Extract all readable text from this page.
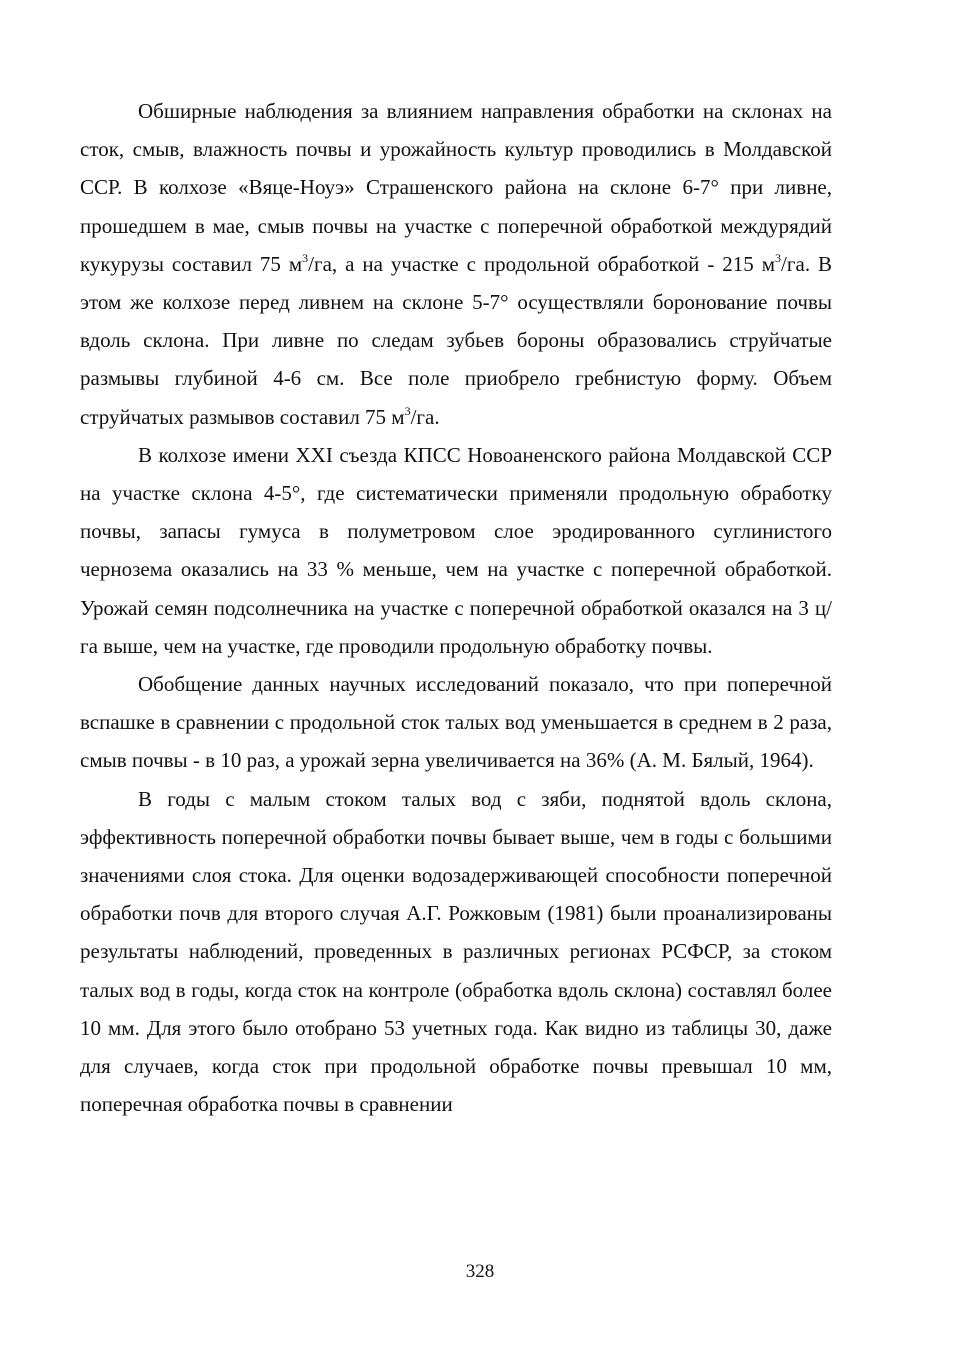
Обширные наблюдения за влиянием направления обработки на склонах на сток, смыв, влажность почвы и урожайность культур проводились в Молдавской ССР. В колхозе «Вяце-Ноуэ» Страшенского района на склоне 6-7° при ливне, прошедшем в мае, смыв почвы на участке с поперечной обработкой междурядий кукурузы составил 75 $м^3/га$, а на участке с продольной обработкой - 215 $м^3/га$. В этом же колхозе перед ливнем на склоне 5-7° осуществляли боронование почвы вдоль склона. При ливне по следам зубьев бороны образовались струйчатые размывы глубиной 4-6 см. Все поле приобрело гребнистую форму. Объем струйчатых размывов составил 75 $м^3/га$.

В колхозе имени XXI съезда КПСС Новоаненского района Молдавской ССР на участке склона 4-5°, где систематически применяли продольную обработку почвы, запасы гумуса в полуметровом слое эродированного суглинистого чернозема оказались на 33 % меньше, чем на участке с поперечной обработкой. Урожай семян подсолнечника на участке с поперечной обработкой оказался на 3 ц/га выше, чем на участке, где проводили продольную обработку почвы.

Обобщение данных научных исследований показало, что при поперечной вспашке в сравнении с продольной сток талых вод уменьшается в среднем в 2 раза, смыв почвы - в 10 раз, а урожай зерна увеличивается на 36% (А. М. Бялый, 1964).

В годы с малым стоком талых вод с зяби, поднятой вдоль склона, эффективность поперечной обработки почвы бывает выше, чем в годы с большими значениями слоя стока. Для оценки водозадерживающей способности поперечной обработки почв для второго случая А.Г. Рожковым (1981) были проанализированы результаты наблюдений, проведенных в различных регионах РСФСР, за стоком талых вод в годы, когда сток на контроле (обработка вдоль склона) составлял более 10 мм. Для этого было отобрано 53 учетных года. Как видно из таблицы 30, даже для случаев, когда сток при продольной обработке почвы превышал 10 мм, поперечная обработка почвы в сравнении

328
